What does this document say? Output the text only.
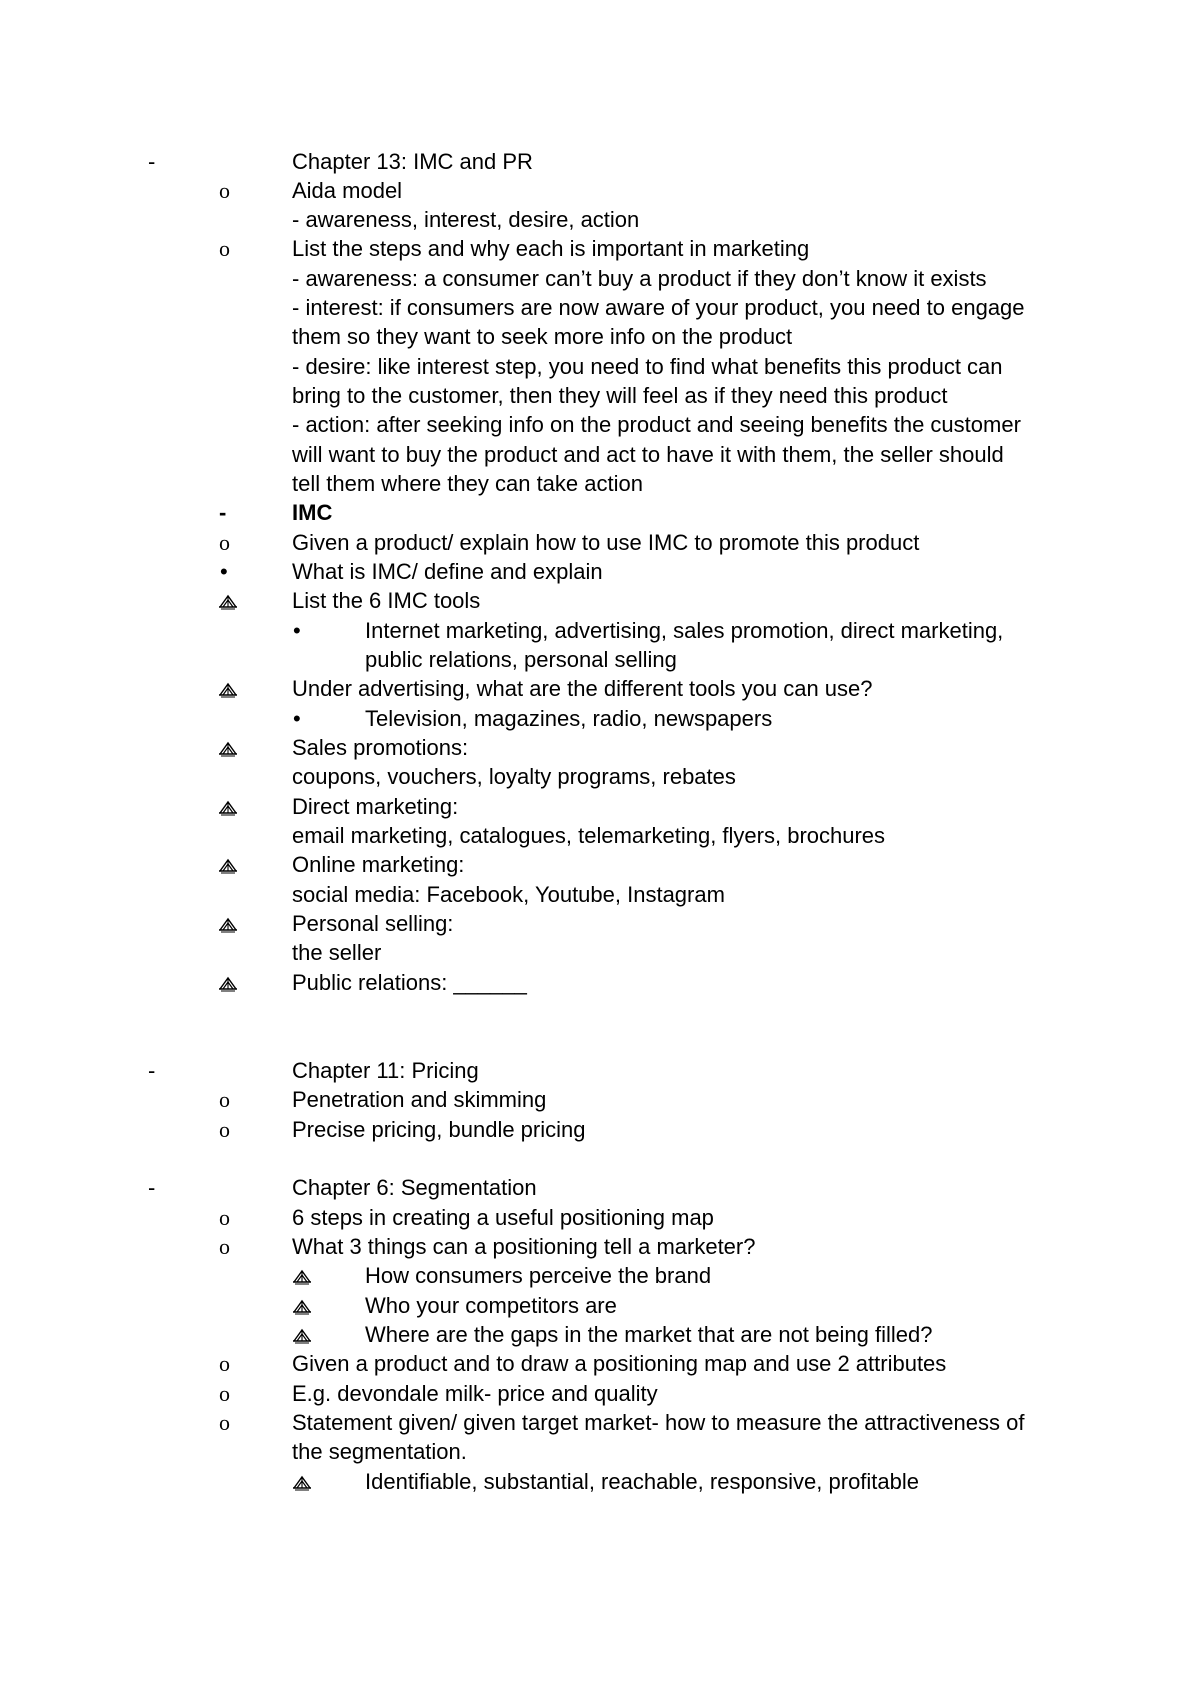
-	Chapter 13: IMC and PR
o	Aida model
- awareness, interest, desire, action
o	List the steps and why each is important in marketing
- awareness: a consumer can’t buy a product if they don’t know it exists
- interest: if consumers are now aware of your product, you need to engage
them so they want to seek more info on the product
- desire: like interest step, you need to find what benefits this product can
bring to the customer, then they will feel as if they need this product
- action: after seeking info on the product and seeing benefits the customer
will want to buy the product and act to have it with them, the seller should
tell them where they can take action
-	IMC
o	Given a product/ explain how to use IMC to promote this product
•	What is IMC/ define and explain
List the 6 IMC tools
•	Internet marketing, advertising, sales promotion, direct marketing,
public relations, personal selling
Under advertising, what are the different tools you can use?
•	Television, magazines, radio, newspapers
Sales promotions:
coupons, vouchers, loyalty programs, rebates
Direct marketing:
email marketing, catalogues, telemarketing, flyers, brochures
Online marketing:
social media: Facebook, Youtube, Instagram
Personal selling:
the seller
Public relations: ______
-	Chapter 11: Pricing
o	Penetration and skimming
o	Precise pricing, bundle pricing
-	Chapter 6: Segmentation
o	6 steps in creating a useful positioning map
o	What 3 things can a positioning tell a marketer?
How consumers perceive the brand
Who your competitors are
Where are the gaps in the market that are not being filled?
o	Given a product and to draw a positioning map and use 2 attributes
o	E.g. devondale milk- price and quality
o	Statement given/ given target market- how to measure the attractiveness of
the segmentation.
Identifiable, substantial, reachable, responsive, profitable
